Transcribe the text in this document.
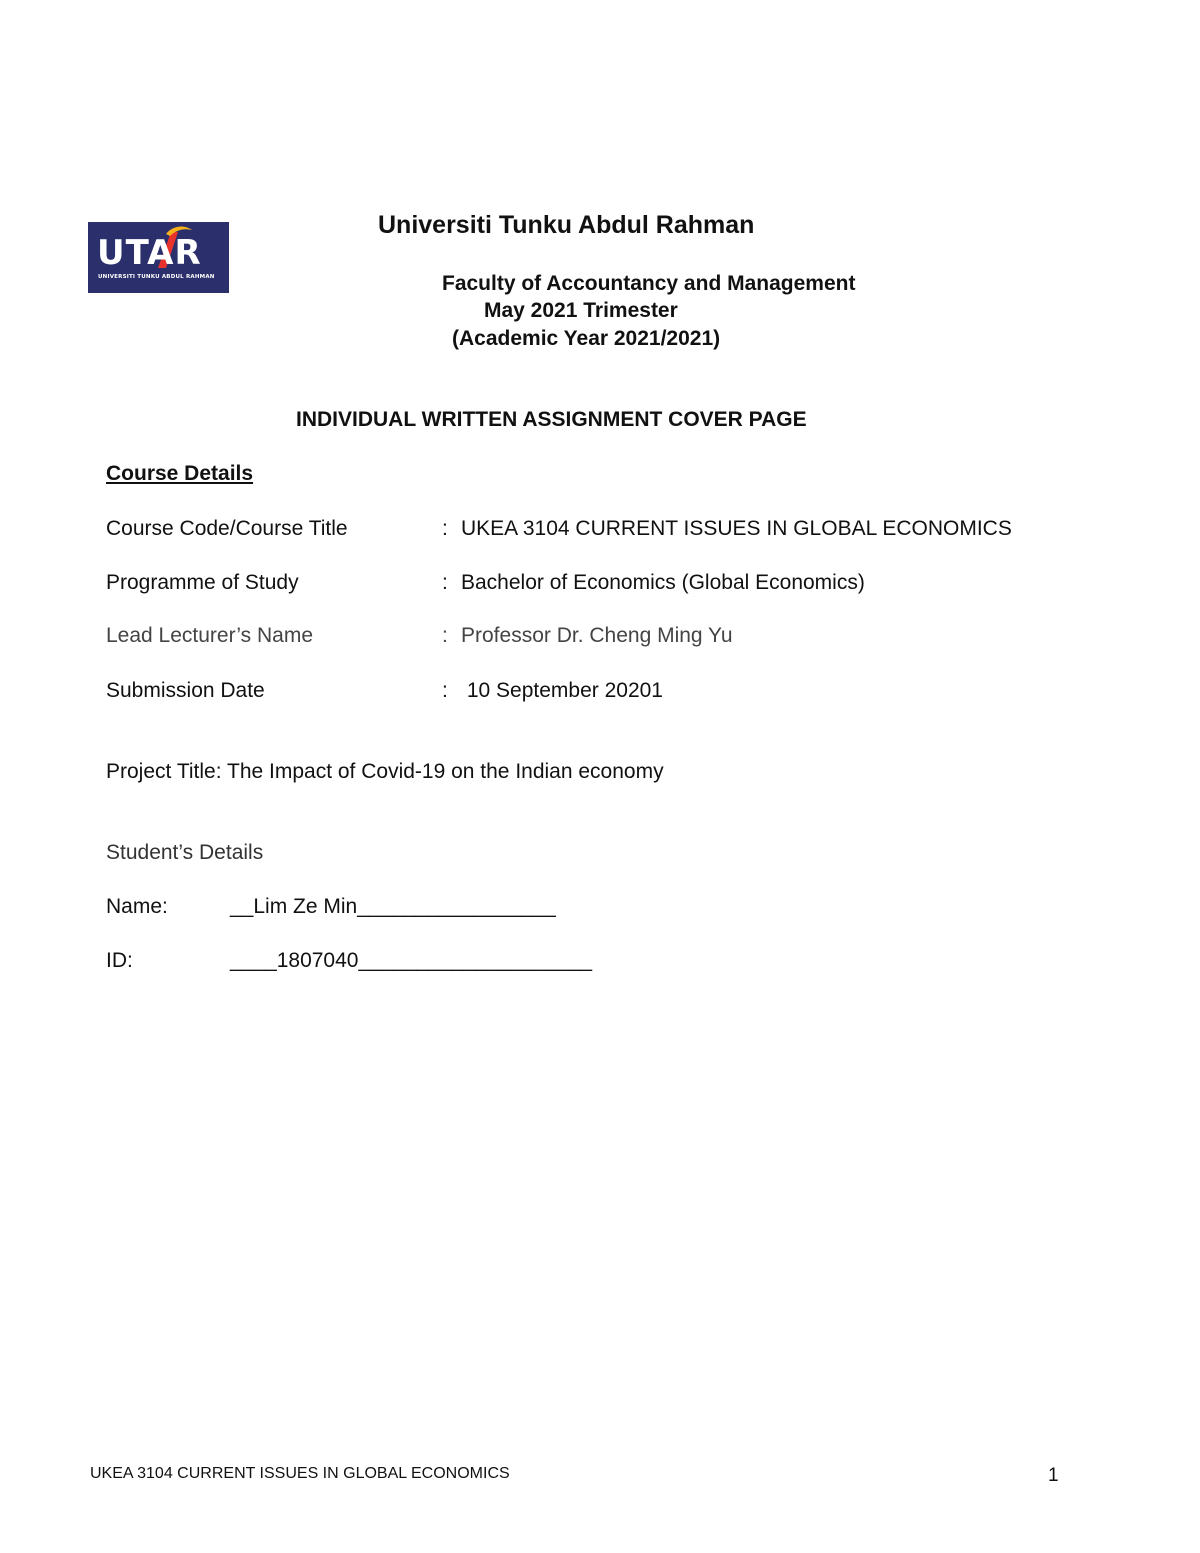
UTAR
UNIVERSITI TUNKU ABDUL RAHMAN
Universiti Tunku Abdul Rahman
Faculty of Accountancy and Management
May 2021 Trimester
(Academic Year 2021/2021)
INDIVIDUAL WRITTEN ASSIGNMENT COVER PAGE
Course Details
Course Code/Course Title	: UKEA 3104 CURRENT ISSUES IN GLOBAL ECONOMICS
Programme of Study	: Bachelor of Economics (Global Economics)
Lead Lecturer’s Name	: Professor Dr. Cheng Ming Yu
Submission Date	: 10 September 20201
Project Title: The Impact of Covid-19 on the Indian economy
Student’s Details
Name:	__Lim Ze Min_________________
ID:	____1807040____________________
UKEA 3104 CURRENT ISSUES IN GLOBAL ECONOMICS	1
